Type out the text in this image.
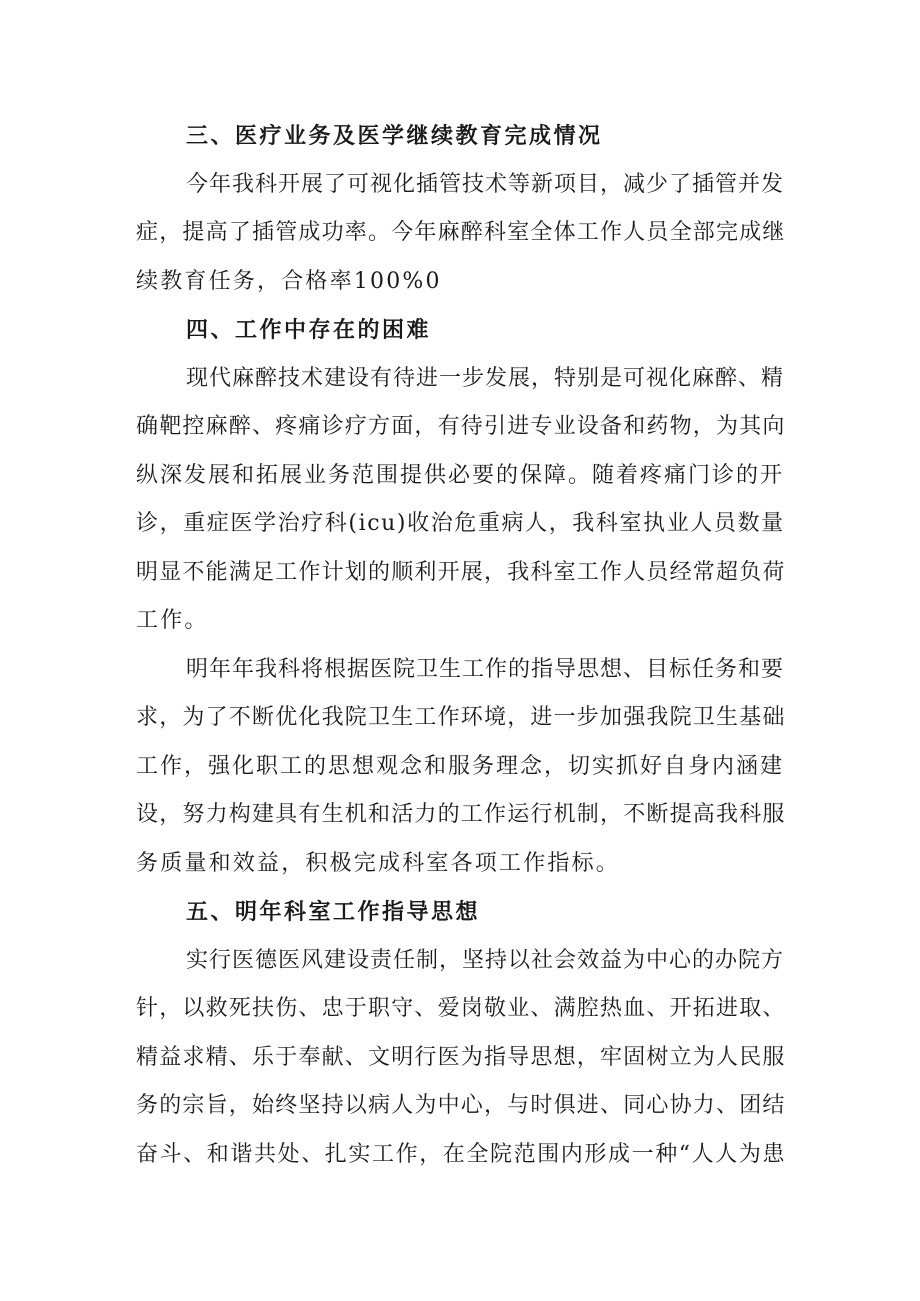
三、医疗业务及医学继续教育完成情况
今年我科开展了可视化插管技术等新项目，减少了插管并发
症，提高了插管成功率。今年麻醉科室全体工作人员全部完成继
续教育任务，合格率100%0
四、工作中存在的困难
现代麻醉技术建设有待进一步发展，特别是可视化麻醉、精
确靶控麻醉、疼痛诊疗方面，有待引进专业设备和药物，为其向
纵深发展和拓展业务范围提供必要的保障。随着疼痛门诊的开
诊，重症医学治疗科(icu)收治危重病人，我科室执业人员数量
明显不能满足工作计划的顺利开展，我科室工作人员经常超负荷
工作。
明年年我科将根据医院卫生工作的指导思想、目标任务和要
求，为了不断优化我院卫生工作环境，进一步加强我院卫生基础
工作，强化职工的思想观念和服务理念，切实抓好自身内涵建
设，努力构建具有生机和活力的工作运行机制，不断提高我科服
务质量和效益，积极完成科室各项工作指标。
五、明年科室工作指导思想
实行医德医风建设责任制，坚持以社会效益为中心的办院方
针，以救死扶伤、忠于职守、爱岗敬业、满腔热血、开拓进取、
精益求精、乐于奉献、文明行医为指导思想，牢固树立为人民服
务的宗旨，始终坚持以病人为中心，与时俱进、同心协力、团结
奋斗、和谐共处、扎实工作，在全院范围内形成一种“人人为患
